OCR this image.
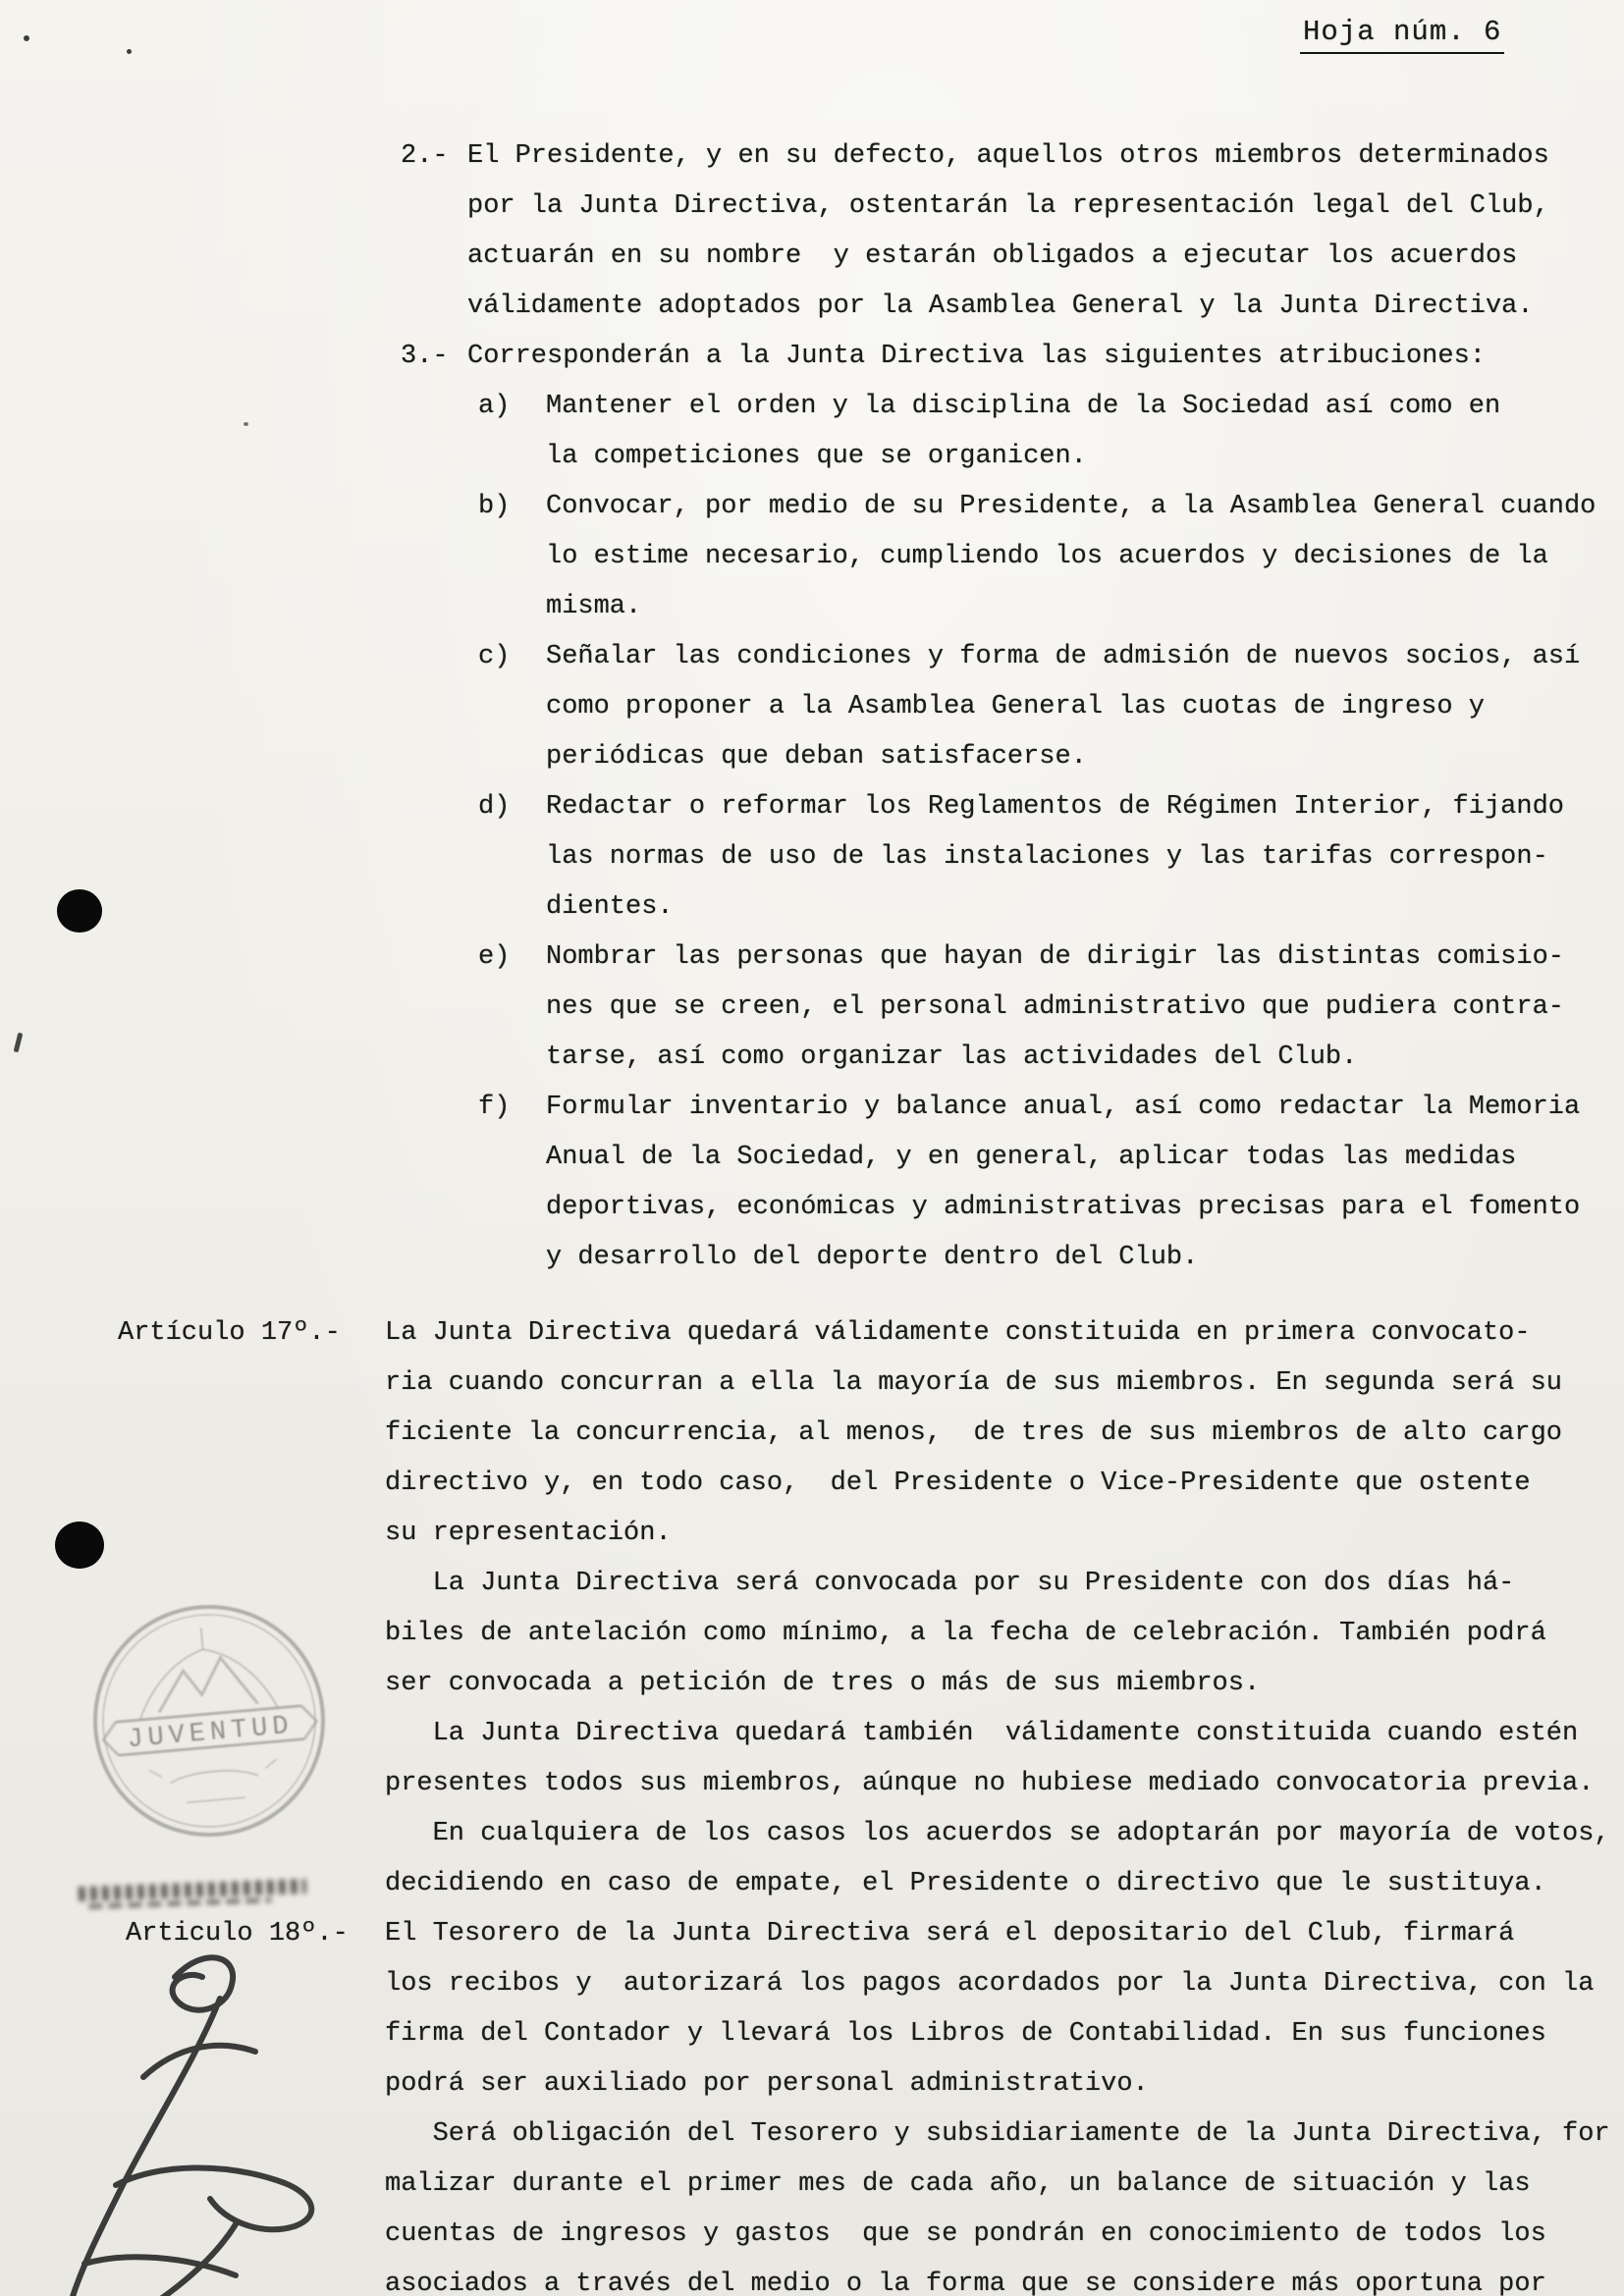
Hoja núm. 6
2.- El Presidente, y en su defecto, aquellos otros miembros determinados
por la Junta Directiva, ostentarán la representación legal del Club,
actuarán en su nombre  y estarán obligados a ejecutar los acuerdos
válidamente adoptados por la Asamblea General y la Junta Directiva.
3.- Corresponderán a la Junta Directiva las siguientes atribuciones:
a) Mantener el orden y la disciplina de la Sociedad así como en
la competiciones que se organicen.
b) Convocar, por medio de su Presidente, a la Asamblea General cuando
lo estime necesario, cumpliendo los acuerdos y decisiones de la
misma.
c) Señalar las condiciones y forma de admisión de nuevos socios, así
como proponer a la Asamblea General las cuotas de ingreso y
periódicas que deban satisfacerse.
d) Redactar o reformar los Reglamentos de Régimen Interior, fijando
las normas de uso de las instalaciones y las tarifas correspon-
dientes.
e) Nombrar las personas que hayan de dirigir las distintas comisio-
nes que se creen, el personal administrativo que pudiera contra-
tarse, así como organizar las actividades del Club.
f) Formular inventario y balance anual, así como redactar la Memoria
Anual de la Sociedad, y en general, aplicar todas las medidas
deportivas, económicas y administrativas precisas para el fomento
y desarrollo del deporte dentro del Club.
Artículo 17º.- La Junta Directiva quedará válidamente constituida en primera convocato-
ria cuando concurran a ella la mayoría de sus miembros. En segunda será su
ficiente la concurrencia, al menos,  de tres de sus miembros de alto cargo
directivo y, en todo caso,  del Presidente o Vice-Presidente que ostente
su representación.
La Junta Directiva será convocada por su Presidente con dos días há-
biles de antelación como mínimo, a la fecha de celebración. También podrá
ser convocada a petición de tres o más de sus miembros.
La Junta Directiva quedará también  válidamente constituida cuando estén
presentes todos sus miembros, aúnque no hubiese mediado convocatoria previa.
En cualquiera de los casos los acuerdos se adoptarán por mayoría de votos,
decidiendo en caso de empate, el Presidente o directivo que le sustituya.
Articulo 18º.- El Tesorero de la Junta Directiva será el depositario del Club, firmará
los recibos y  autorizará los pagos acordados por la Junta Directiva, con la
firma del Contador y llevará los Libros de Contabilidad. En sus funciones
podrá ser auxiliado por personal administrativo.
Será obligación del Tesorero y subsidiariamente de la Junta Directiva, for
malizar durante el primer mes de cada año, un balance de situación y las
cuentas de ingresos y gastos  que se pondrán en conocimiento de todos los
asociados a través del medio o la forma que se considere más oportuna por
JUVENTUD
